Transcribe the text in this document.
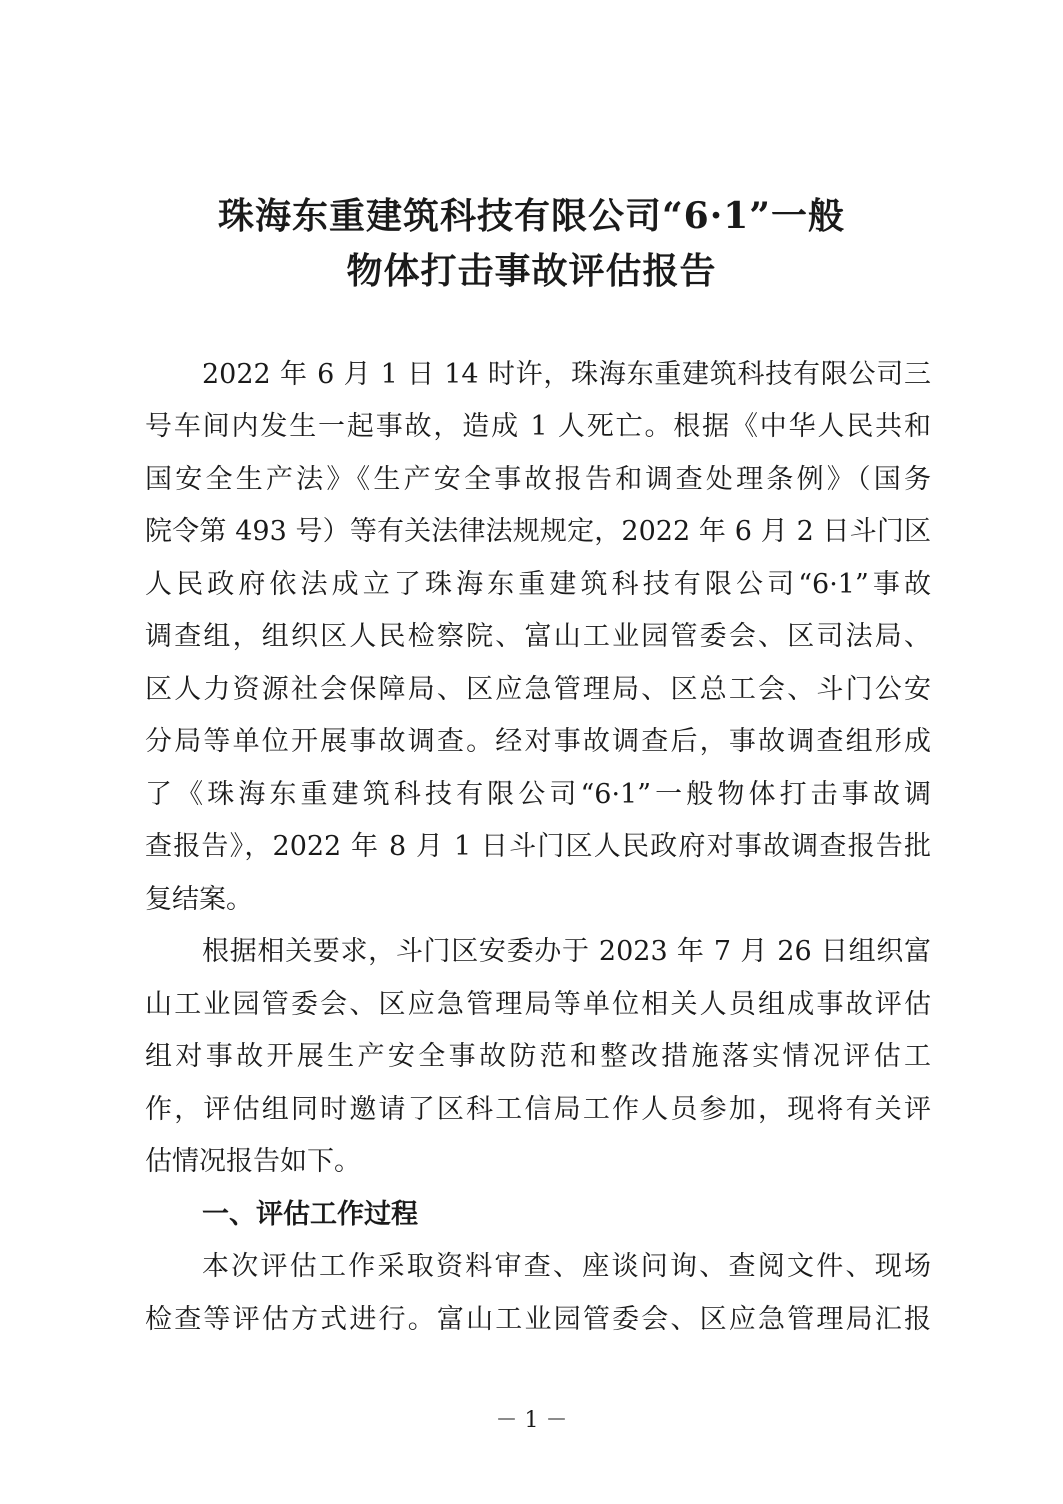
珠海东重建筑科技有限公司“6·1”一般
物体打击事故评估报告
2022 年 6 月 1 日 14 时许，珠海东重建筑科技有限公司三
号车间内发生一起事故，造成 1 人死亡。根据《中华人民共和
国安全生产法》《生产安全事故报告和调查处理条例》（国务
院令第 493 号）等有关法律法规规定，2022 年 6 月 2 日斗门区
人民政府依法成立了珠海东重建筑科技有限公司“6·1”事故
调查组，组织区人民检察院、富山工业园管委会、区司法局、
区人力资源社会保障局、区应急管理局、区总工会、斗门公安
分局等单位开展事故调查。经对事故调查后，事故调查组形成
了《珠海东重建筑科技有限公司“6·1”一般物体打击事故调
查报告》，2022 年 8 月 1 日斗门区人民政府对事故调查报告批
复结案。
根据相关要求，斗门区安委办于 2023 年 7 月 26 日组织富
山工业园管委会、区应急管理局等单位相关人员组成事故评估
组对事故开展生产安全事故防范和整改措施落实情况评估工
作，评估组同时邀请了区科工信局工作人员参加，现将有关评
估情况报告如下。
一、评估工作过程
本次评估工作采取资料审查、座谈问询、查阅文件、现场
检查等评估方式进行。富山工业园管委会、区应急管理局汇报
－ 1 －
